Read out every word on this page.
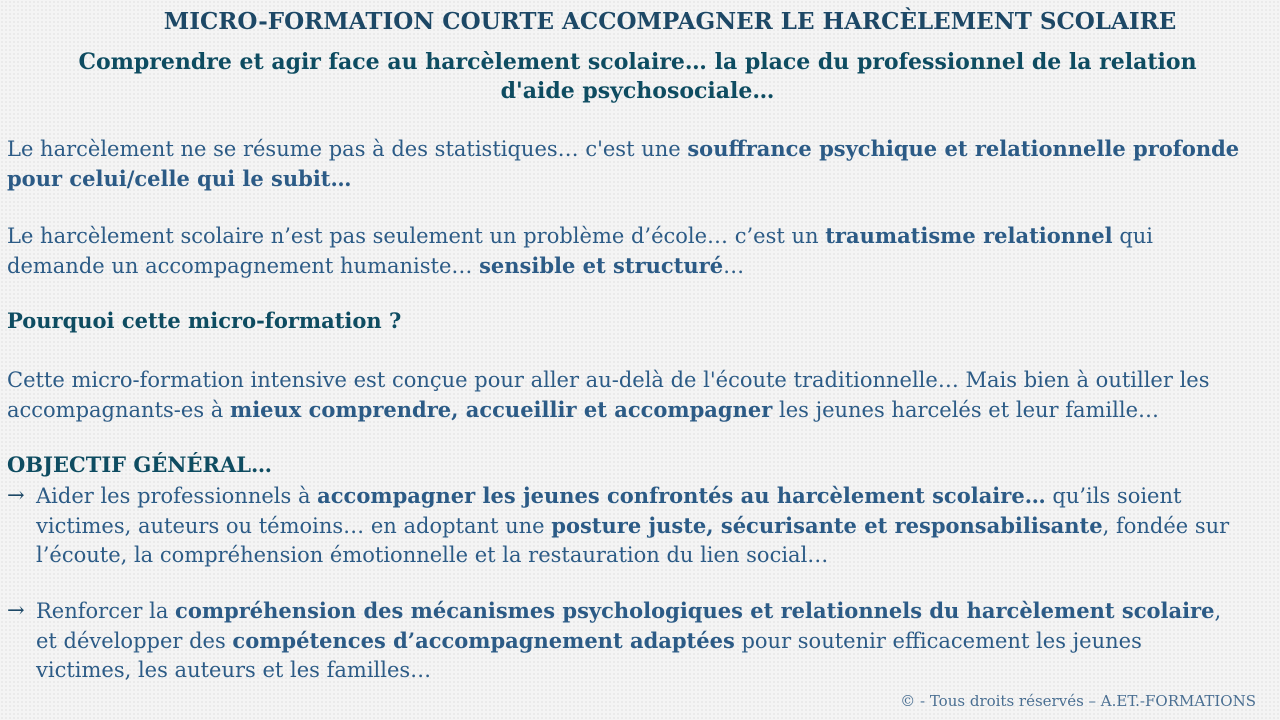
MICRO-FORMATION COURTE ACCOMPAGNER LE HARCÈLEMENT SCOLAIRE
Comprendre et agir face au harcèlement scolaire… la place du professionnel de la relation d'aide psychosociale…
Le harcèlement ne se résume pas à des statistiques… c'est une souffrance psychique et relationnelle profonde pour celui/celle qui le subit…
Le harcèlement scolaire n’est pas seulement un problème d’école… c’est un traumatisme relationnel qui demande un accompagnement humaniste… sensible et structuré…
Pourquoi cette micro-formation ?
Cette micro-formation intensive est conçue pour aller au-delà de l'écoute traditionnelle… Mais bien à outiller les accompagnants-es à mieux comprendre, accueillir et accompagner les jeunes harcelés et leur famille…
OBJECTIF GÉNÉRAL…
→ Aider les professionnels à accompagner les jeunes confrontés au harcèlement scolaire… qu’ils soient victimes, auteurs ou témoins… en adoptant une posture juste, sécurisante et responsabilisante, fondée sur l’écoute, la compréhension émotionnelle et la restauration du lien social…
→ Renforcer la compréhension des mécanismes psychologiques et relationnels du harcèlement scolaire, et développer des compétences d’accompagnement adaptées pour soutenir efficacement les jeunes victimes, les auteurs et les familles…
© - Tous droits réservés – A.ET.-FORMATIONS
